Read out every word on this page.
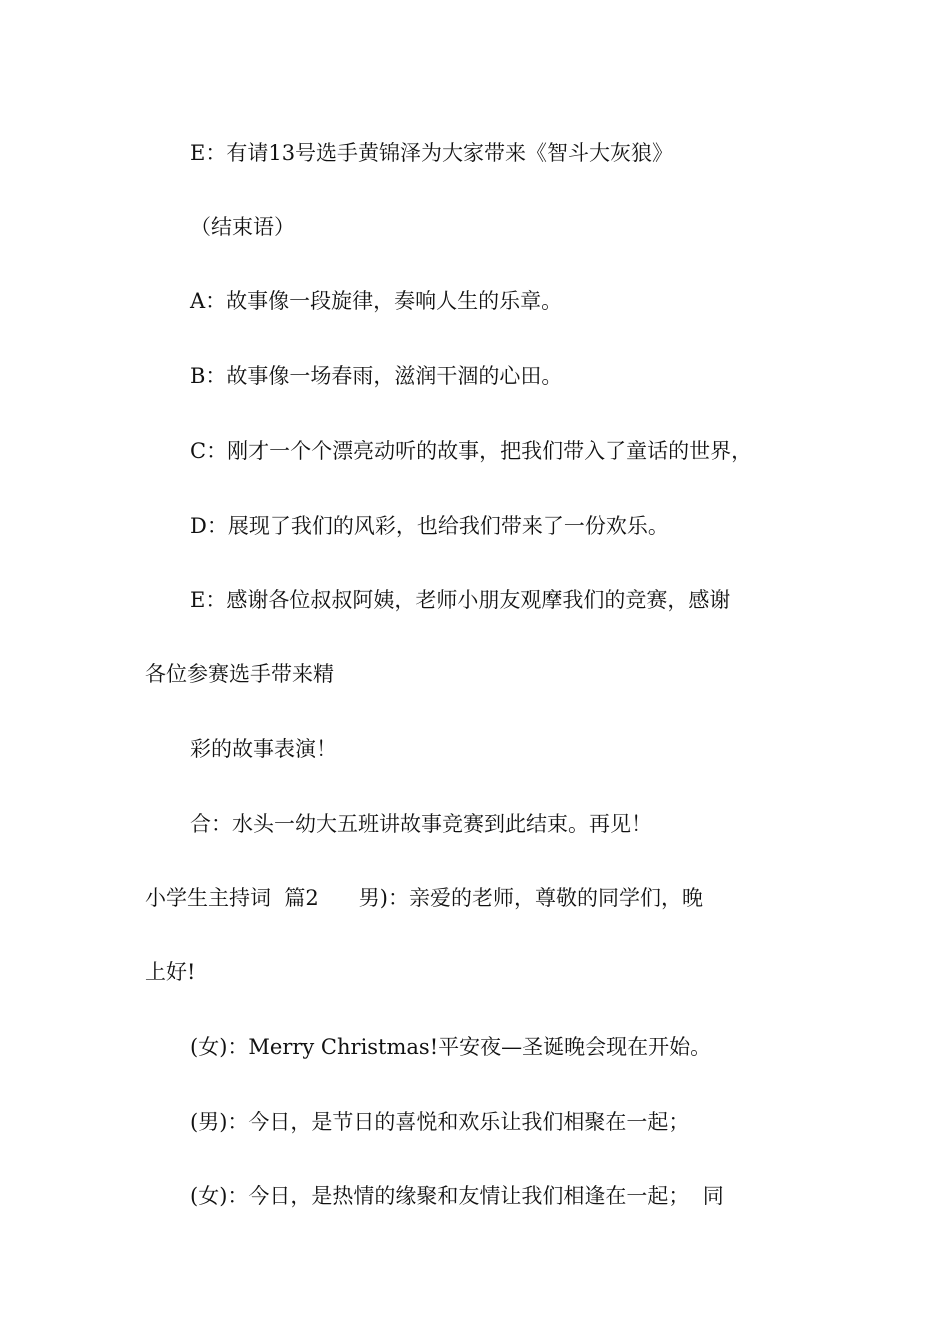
E：有请13号选手黄锦泽为大家带来《智斗大灰狼》
（结束语）
A：故事像一段旋律，奏响人生的乐章。
B：故事像一场春雨，滋润干涸的心田。
C：刚才一个个漂亮动听的故事，把我们带入了童话的世界，
D：展现了我们的风彩，也给我们带来了一份欢乐。
E：感谢各位叔叔阿姨，老师小朋友观摩我们的竞赛，感谢
各位参赛选手带来精
彩的故事表演！
合：水头一幼大五班讲故事竞赛到此结束。再见！
小学生主持词  篇2      男)：亲爱的老师，尊敬的同学们，晚
上好!
(女)：Merry Christmas!平安夜—圣诞晚会现在开始。
(男)：今日，是节日的喜悦和欢乐让我们相聚在一起；
(女)：今日，是热情的缘聚和友情让我们相逢在一起；  同
